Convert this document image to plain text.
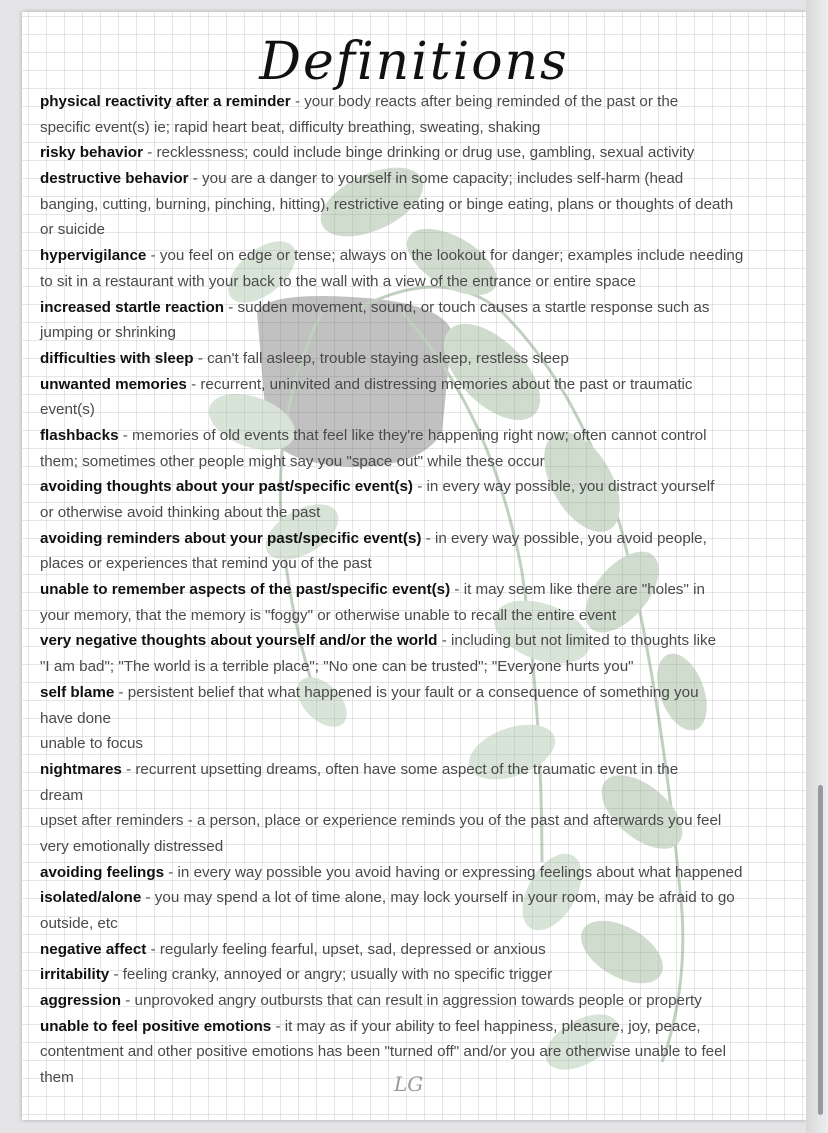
Definitions
physical reactivity after a reminder - your body reacts after being reminded of the past or the
specific event(s) ie; rapid heart beat, difficulty breathing, sweating, shaking
risky behavior - recklessness; could include binge drinking or drug use, gambling, sexual activity
destructive behavior - you are a danger to yourself in some capacity; includes self-harm (head
banging, cutting, burning, pinching, hitting), restrictive eating or binge eating, plans or thoughts of death
or suicide
hypervigilance - you feel on edge or tense; always on the lookout for danger; examples include needing
to sit in a restaurant with your back to the wall with a view of the entrance or entire space
increased startle reaction - sudden movement, sound, or touch causes a startle response such as
jumping or shrinking
difficulties with sleep - can't fall asleep, trouble staying asleep, restless sleep
unwanted memories - recurrent, uninvited and distressing memories about the past or traumatic
event(s)
flashbacks - memories of old events that feel like they're happening right now; often cannot control
them; sometimes other people might say you "space out" while these occur
avoiding thoughts about your past/specific event(s) - in every way possible, you distract yourself
or otherwise avoid thinking about the past
avoiding reminders about your past/specific event(s) - in every way possible, you avoid people,
places or experiences that remind you of the past
unable to remember aspects of the past/specific event(s) - it may seem like there are "holes" in
your memory, that the memory is "foggy" or otherwise unable to recall the entire event
very negative thoughts about yourself and/or the world - including but not limited to thoughts like
"I am bad"; "The world is a terrible place"; "No one can be trusted"; "Everyone hurts you"
self blame - persistent belief that what happened is your fault or a consequence of something you
have done
unable to focus
nightmares - recurrent upsetting dreams, often have some aspect of the traumatic event in the
dream
upset after reminders - a person, place or experience reminds you of the past and afterwards you feel
very emotionally distressed
avoiding feelings - in every way possible you avoid having or expressing feelings about what happened
isolated/alone - you may spend a lot of time alone, may lock yourself in your room, may be afraid to go
outside, etc
negative affect - regularly feeling fearful, upset, sad, depressed or anxious
irritability - feeling cranky, annoyed or angry; usually with no specific trigger
aggression - unprovoked angry outbursts that can result in aggression towards people or property
unable to feel positive emotions - it may as if your ability to feel happiness, pleasure, joy, peace,
contentment and other positive emotions has been "turned off" and/or you are otherwise unable to feel
them	LG
